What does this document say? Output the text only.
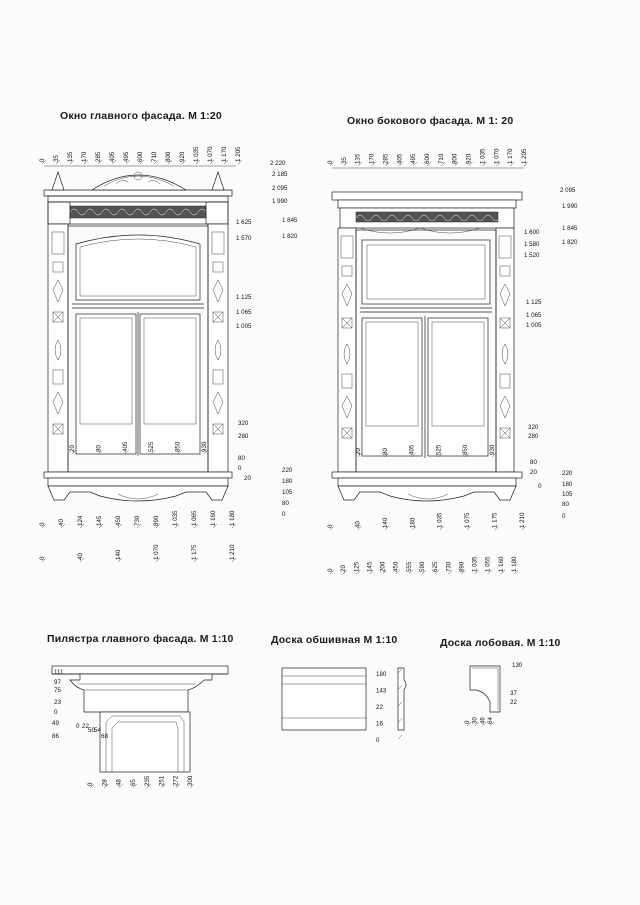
Окно главного фасада. М 1:20	Окно бокового фасада. М 1: 20
Пилястра главного фасада. М 1:10	Доска обшивная М 1:10	Доска лобовая. М 1:10
0 35 135 170 285 405 495 600 710 800 920 1 035 1 070 1 170 1 205
2 220
2 185
2 095
1 990
1 845
1 820
1 625
1 570
1 125
1 065
1 005
320
280
220
180
105
80
0
80
0
20
20	80	405	525	850	930
0 40 124 145 450 730 890 1 035 1 065 1 160 1 180
0	40	140	1 070	1 175	1 210
0 35 135 170 285 405 495 600 710 800 920 1 035 1 070 1 170 1 205
2 095
1 990
1 845
1 820
1 600
1 580
1 520
1 125
1 065
1 005
320
280
80
20
0
220
180
105
80
0
20	80	405	525	850	930
0	40	140	180	1 035	1 075	1 175	1 210
0 20 125 145 200 450 555 590 625 730 890 1 035 1 055 1 160 1 180
111
97
75
23
0
49
86
0 22
50 54
68
0 28 48 65 235 251 272 300
180
143
22
16
0
130
37
22
0 30 46 64
